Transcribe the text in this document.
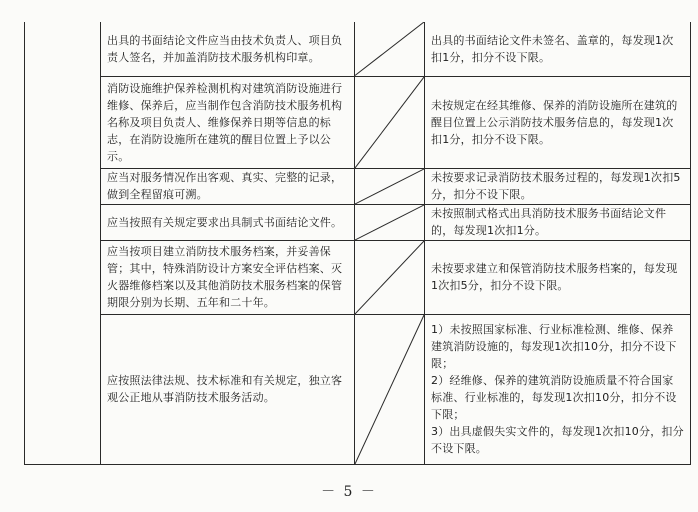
	出具的书面结论文件应当由技术负责人、项目负责人签名，并加盖消防技术服务机构印章。		出具的书面结论文件未签名、盖章的，每发现1次扣1分，扣分不设下限。

	消防设施维护保养检测机构对建筑消防设施进行维修、保养后，应当制作包含消防技术服务机构名称及项目负责人、维修保养日期等信息的标志，在消防设施所在建筑的醒目位置上予以公示。		未按规定在经其维修、保养的消防设施所在建筑的醒目位置上公示消防技术服务信息的，每发现1次扣1分，扣分不设下限。

	应当对服务情况作出客观、真实、完整的记录，做到全程留痕可溯。		未按要求记录消防技术服务过程的，每发现1次扣5分，扣分不设下限。

	应当按照有关规定要求出具制式书面结论文件。		未按照制式格式出具消防技术服务书面结论文件的，每发现1次扣1分。

	应当按项目建立消防技术服务档案，并妥善保管；其中，特殊消防设计方案安全评估档案、灭火器维修档案以及其他消防技术服务档案的保管期限分别为长期、五年和二十年。		未按要求建立和保管消防技术服务档案的，每发现1次扣5分，扣分不设下限。

	应按照法律法规、技术标准和有关规定，独立客观公正地从事消防技术服务活动。		1）未按照国家标准、行业标准检测、维修、保养建筑消防设施的，每发现1次扣10分，扣分不设下限；
2）经维修、保养的建筑消防设施质量不符合国家标准、行业标准的，每发现1次扣10分，扣分不设下限；
3）出具虚假失实文件的，每发现1次扣10分，扣分不设下限。
－ 5 －
